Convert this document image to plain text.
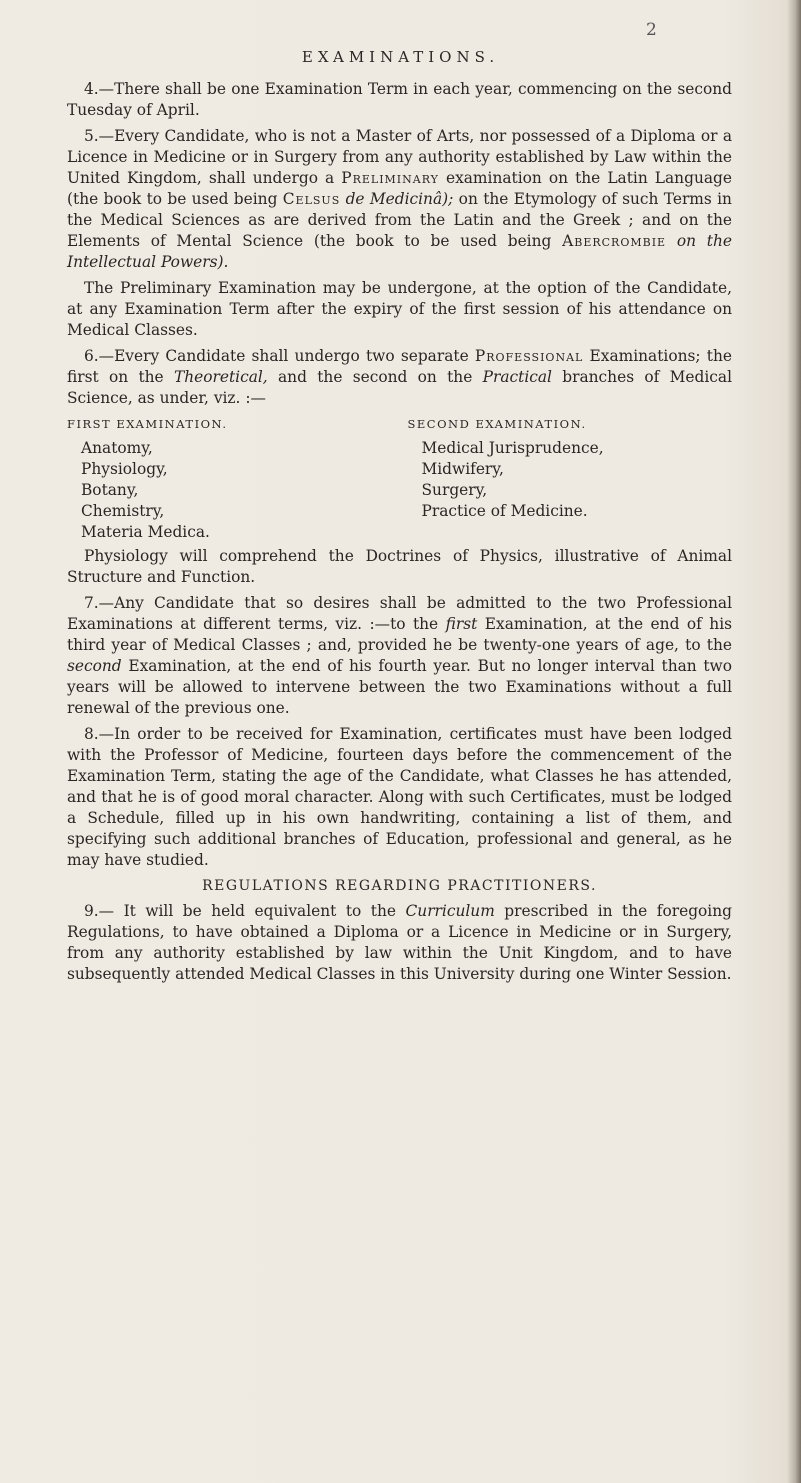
2
EXAMINATIONS.

4.—There shall be one Examination Term in each year, commencing on the second Tuesday of April.

5.—Every Candidate, who is not a Master of Arts, nor possessed of a Diploma or a Licence in Medicine or in Surgery from any authority established by Law within the United Kingdom, shall undergo a Preliminary examination on the Latin Language (the book to be used being Celsus de Medicinâ); on the Etymology of such Terms in the Medical Sciences as are derived from the Latin and the Greek ; and on the Elements of Mental Science (the book to be used being Abercrombie on the Intellectual Powers).

The Preliminary Examination may be undergone, at the option of the Candidate, at any Examination Term after the expiry of the first session of his attendance on Medical Classes.

6.—Every Candidate shall undergo two separate Professional Examinations; the first on the Theoretical, and the second on the Practical branches of Medical Science, as under, viz. :—

FIRST EXAMINATION.
Anatomy,
Physiology,
Botany,
Chemistry,
Materia Medica.
SECOND EXAMINATION.
Medical Jurisprudence,
Midwifery,
Surgery,
Practice of Medicine.

Physiology will comprehend the Doctrines of Physics, illustrative of Animal Structure and Function.

7.—Any Candidate that so desires shall be admitted to the two Professional Examinations at different terms, viz. :—to the first Examination, at the end of his third year of Medical Classes ; and, provided he be twenty-one years of age, to the second Examination, at the end of his fourth year. But no longer interval than two years will be allowed to intervene between the two Examinations without a full renewal of the previous one.

8.—In order to be received for Examination, certificates must have been lodged with the Professor of Medicine, fourteen days before the commencement of the Examination Term, stating the age of the Candidate, what Classes he has attended, and that he is of good moral character. Along with such Certificates, must be lodged a Schedule, filled up in his own handwriting, containing a list of them, and specifying such additional branches of Education, professional and general, as he may have studied.

REGULATIONS REGARDING PRACTITIONERS.

9.— It will be held equivalent to the Curriculum prescribed in the foregoing Regulations, to have obtained a Diploma or a Licence in Medicine or in Surgery, from any authority established by law within the Unit Kingdom, and to have subsequently attended Medical Classes in this University during one Winter Session.
